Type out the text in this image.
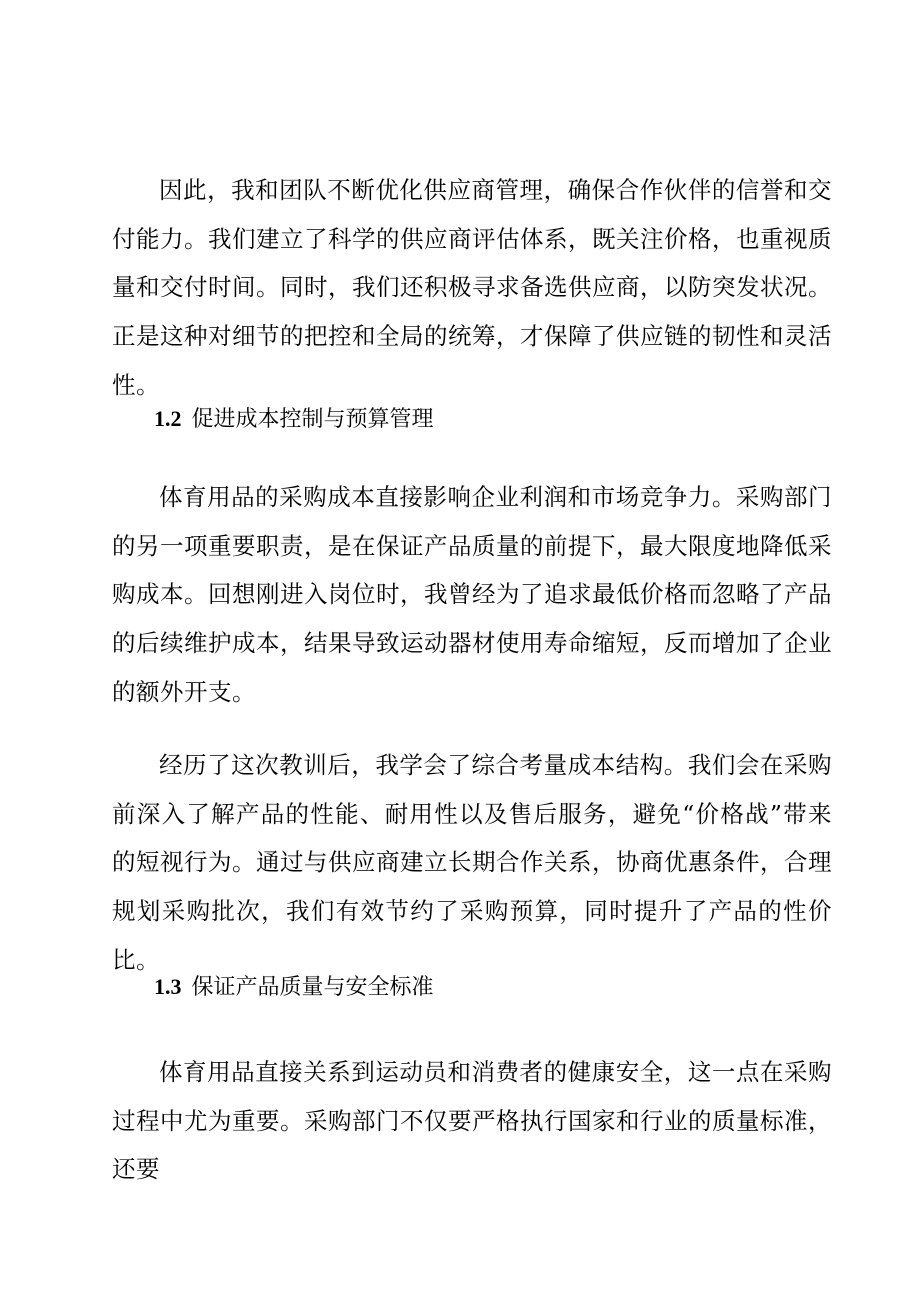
因此，我和团队不断优化供应商管理，确保合作伙伴的信誉和交付能力。我们建立了科学的供应商评估体系，既关注价格，也重视质量和交付时间。同时，我们还积极寻求备选供应商，以防突发状况。正是这种对细节的把控和全局的统筹，才保障了供应链的韧性和灵活性。

1.2 促进成本控制与预算管理

体育用品的采购成本直接影响企业利润和市场竞争力。采购部门的另一项重要职责，是在保证产品质量的前提下，最大限度地降低采购成本。回想刚进入岗位时，我曾经为了追求最低价格而忽略了产品的后续维护成本，结果导致运动器材使用寿命缩短，反而增加了企业的额外开支。

经历了这次教训后，我学会了综合考量成本结构。我们会在采购前深入了解产品的性能、耐用性以及售后服务，避免“价格战”带来的短视行为。通过与供应商建立长期合作关系，协商优惠条件，合理规划采购批次，我们有效节约了采购预算，同时提升了产品的性价比。

1.3 保证产品质量与安全标准

体育用品直接关系到运动员和消费者的健康安全，这一点在采购过程中尤为重要。采购部门不仅要严格执行国家和行业的质量标准，还要
